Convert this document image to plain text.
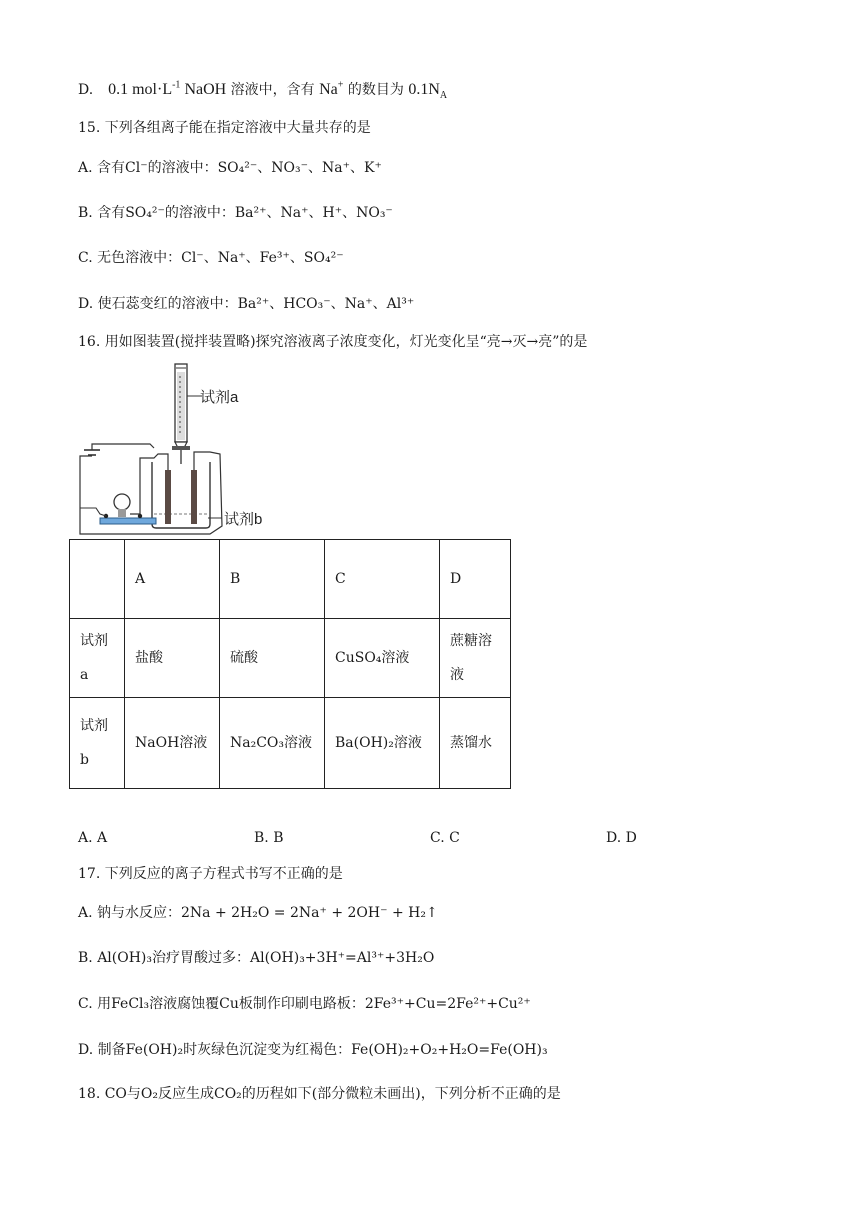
D. 0.1 $mol\cdot L^{-1}$ NaOH 溶液中，含有 Na+ 的数目为 $0.1N_A$
15. 下列各组离子能在指定溶液中大量共存的是
A. 含有Cl⁻的溶液中：SO₄²⁻、NO₃⁻、Na⁺、K⁺
B. 含有SO₄²⁻的溶液中：Ba²⁺、Na⁺、H⁺、NO₃⁻
C. 无色溶液中：Cl⁻、Na⁺、Fe³⁺、SO₄²⁻
D. 使石蕊变红的溶液中：Ba²⁺、HCO₃⁻、Na⁺、Al³⁺
16. 用如图装置(搅拌装置略)探究溶液离子浓度变化，灯光变化呈“亮→灭→亮”的是
试剂a
试剂b
	A	B	C	D
试剂a	盐酸	硫酸	CuSO₄溶液	蔗糖溶液
试剂b	NaOH溶液	Na₂CO₃溶液	Ba(OH)₂溶液	蒸馏水
A. A	B. B	C. C	D. D
17. 下列反应的离子方程式书写不正确的是
A. 钠与水反应：2Na + 2H₂O = 2Na⁺ + 2OH⁻ + H₂↑
B. Al(OH)₃治疗胃酸过多：Al(OH)₃+3H⁺=Al³⁺+3H₂O
C. 用FeCl₃溶液腐蚀覆Cu板制作印刷电路板：2Fe³⁺+Cu=2Fe²⁺+Cu²⁺
D. 制备Fe(OH)₂时灰绿色沉淀变为红褐色：Fe(OH)₂+O₂+H₂O=Fe(OH)₃
18. CO与O₂反应生成CO₂的历程如下(部分微粒未画出)，下列分析不正确的是
